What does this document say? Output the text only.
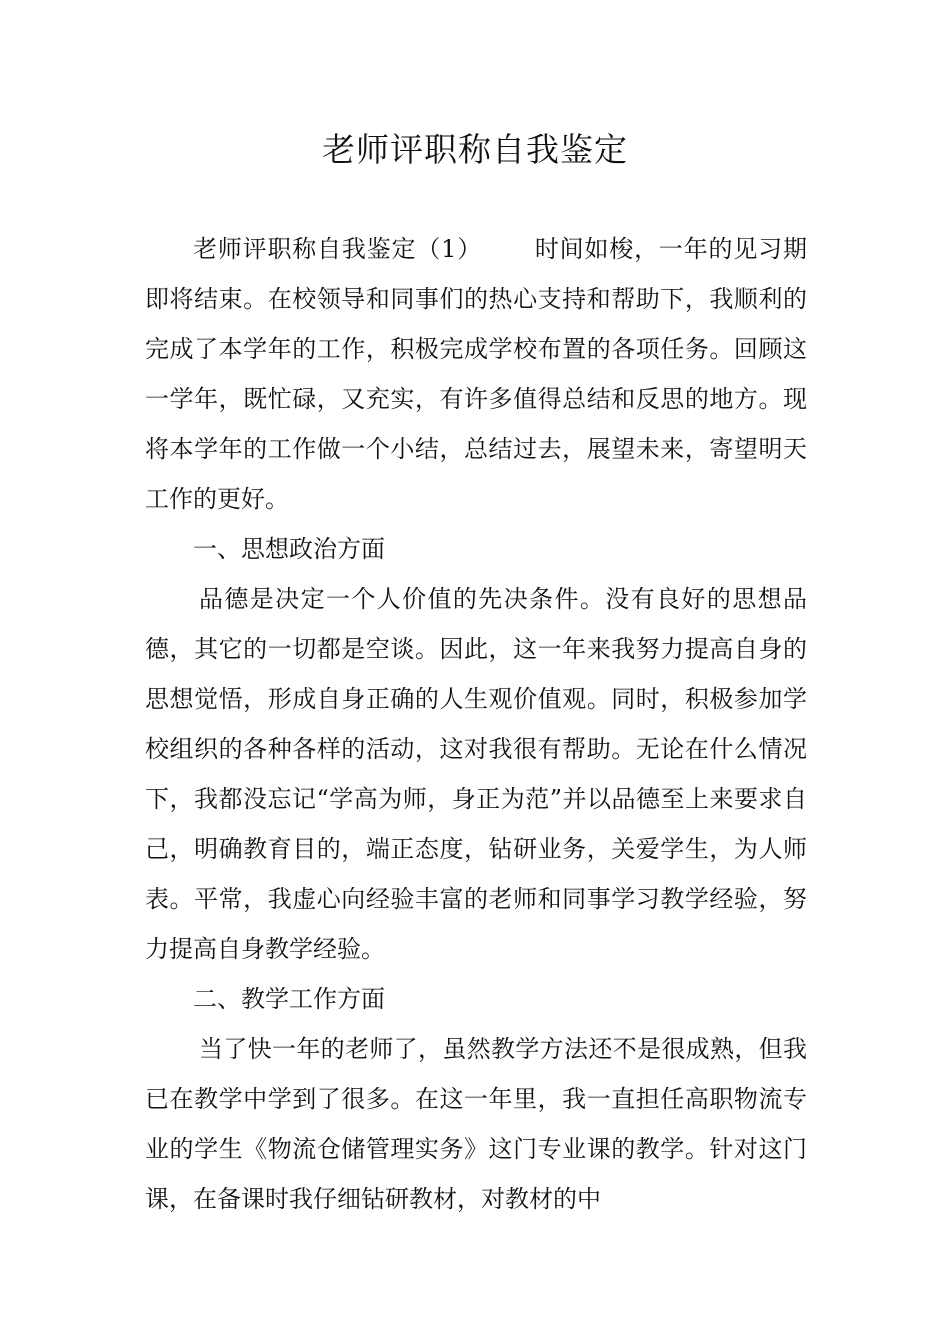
老师评职称自我鉴定

老师评职称自我鉴定（1） 时间如梭，一年的见习期即将结束。在校领导和同事们的热心支持和帮助下，我顺利的完成了本学年的工作，积极完成学校布置的各项任务。回顾这一学年，既忙碌，又充实，有许多值得总结和反思的地方。现将本学年的工作做一个小结，总结过去，展望未来，寄望明天工作的更好。

一、思想政治方面

品德是决定一个人价值的先决条件。没有良好的思想品德，其它的一切都是空谈。因此，这一年来我努力提高自身的思想觉悟，形成自身正确的人生观价值观。同时，积极参加学校组织的各种各样的活动，这对我很有帮助。无论在什么情况下，我都没忘记“学高为师，身正为范”并以品德至上来要求自己，明确教育目的，端正态度，钻研业务，关爱学生，为人师表。平常，我虚心向经验丰富的老师和同事学习教学经验，努力提高自身教学经验。

二、教学工作方面

当了快一年的老师了，虽然教学方法还不是很成熟，但我已在教学中学到了很多。在这一年里，我一直担任高职物流专业的学生《物流仓储管理实务》这门专业课的教学。针对这门课，在备课时我仔细钻研教材，对教材的中
